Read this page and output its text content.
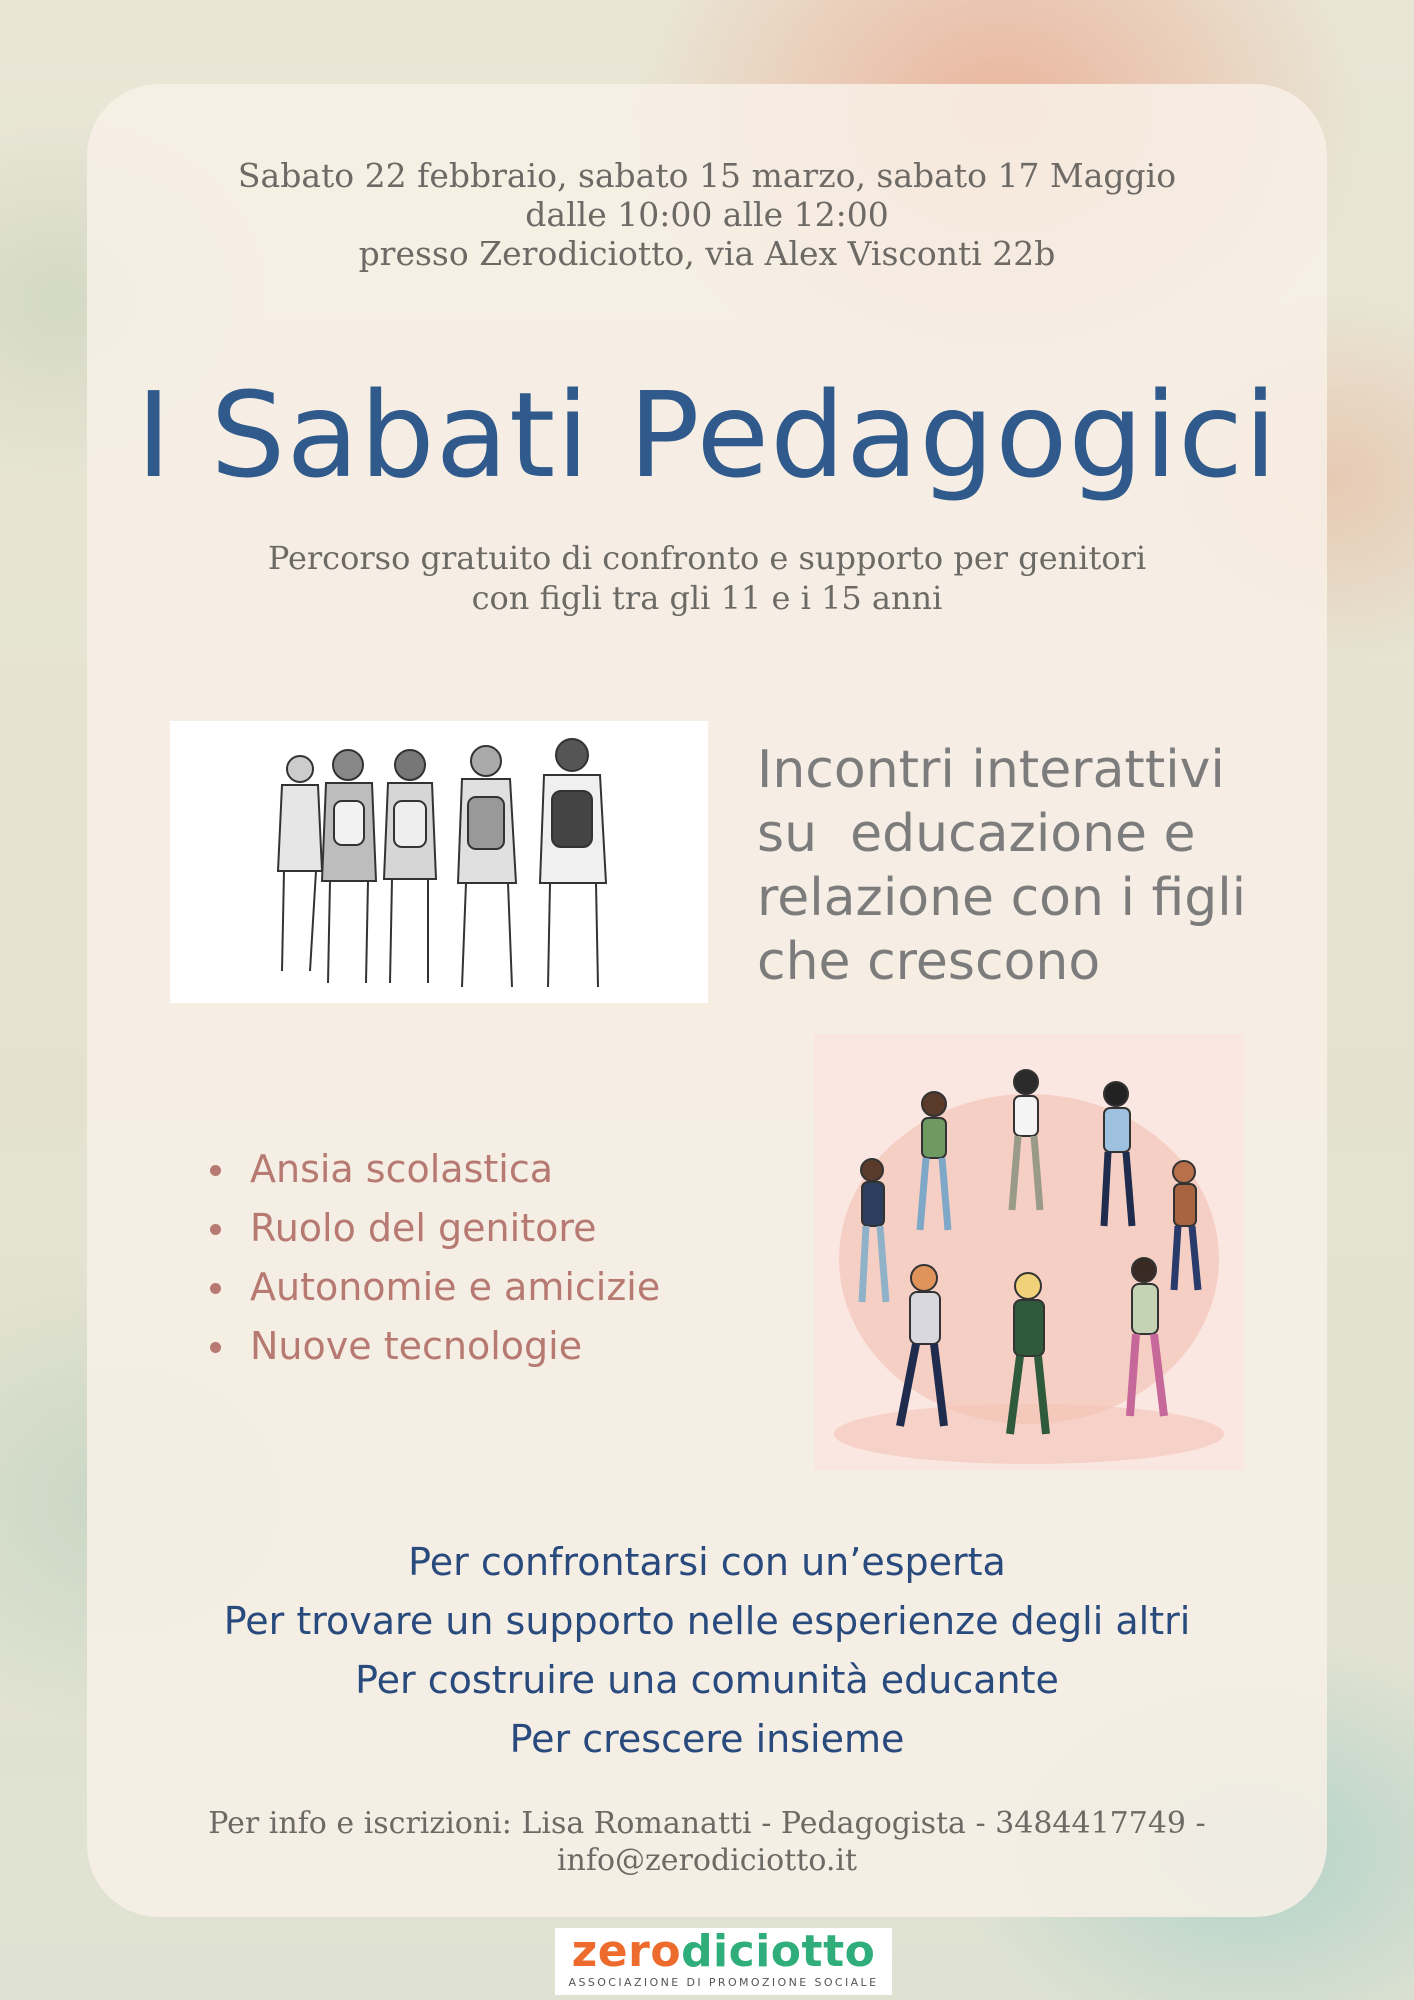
Sabato 22 febbraio, sabato 15 marzo, sabato 17 Maggio
dalle 10:00 alle 12:00
presso Zerodiciotto, via Alex Visconti 22b
I Sabati Pedagogici
Percorso gratuito di confronto e supporto per genitori
con figli tra gli 11 e i 15 anni
Incontri interattivi
su  educazione e
relazione con i figli
che crescono
Ansia scolastica
Ruolo del genitore
Autonomie e amicizie
Nuove tecnologie
Per confrontarsi con un’esperta
Per trovare un supporto nelle esperienze degli altri
Per costruire una comunità educante
Per crescere insieme
Per info e iscrizioni: Lisa Romanatti - Pedagogista - 3484417749 -
info@zerodiciotto.it
zerodiciotto
ASSOCIAZIONE DI PROMOZIONE SOCIALE
